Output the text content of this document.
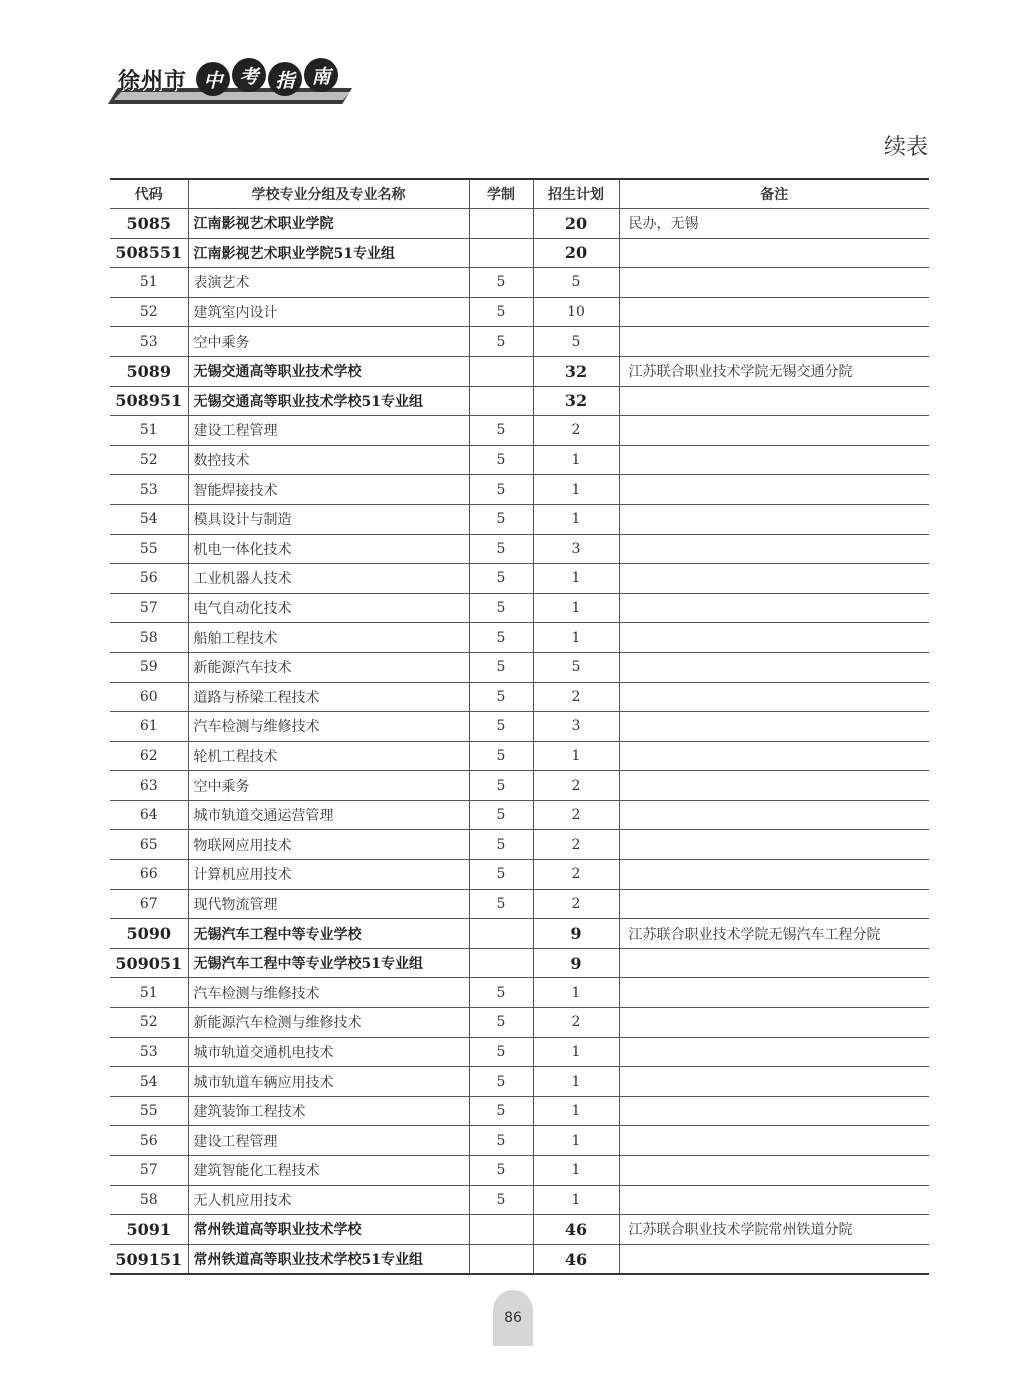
徐州市 中 考 指 南
续表
代码	学校专业分组及专业名称	学制	招生计划	备注
5085	江南影视艺术职业学院		20	民办，无锡
508551	江南影视艺术职业学院51专业组		20	
51	表演艺术	5	5	
52	建筑室内设计	5	10	
53	空中乘务	5	5	
5089	无锡交通高等职业技术学校		32	江苏联合职业技术学院无锡交通分院
508951	无锡交通高等职业技术学校51专业组		32	
51	建设工程管理	5	2	
52	数控技术	5	1	
53	智能焊接技术	5	1	
54	模具设计与制造	5	1	
55	机电一体化技术	5	3	
56	工业机器人技术	5	1	
57	电气自动化技术	5	1	
58	船舶工程技术	5	1	
59	新能源汽车技术	5	5	
60	道路与桥梁工程技术	5	2	
61	汽车检测与维修技术	5	3	
62	轮机工程技术	5	1	
63	空中乘务	5	2	
64	城市轨道交通运营管理	5	2	
65	物联网应用技术	5	2	
66	计算机应用技术	5	2	
67	现代物流管理	5	2	
5090	无锡汽车工程中等专业学校		9	江苏联合职业技术学院无锡汽车工程分院
509051	无锡汽车工程中等专业学校51专业组		9	
51	汽车检测与维修技术	5	1	
52	新能源汽车检测与维修技术	5	2	
53	城市轨道交通机电技术	5	1	
54	城市轨道车辆应用技术	5	1	
55	建筑装饰工程技术	5	1	
56	建设工程管理	5	1	
57	建筑智能化工程技术	5	1	
58	无人机应用技术	5	1	
5091	常州铁道高等职业技术学校		46	江苏联合职业技术学院常州铁道分院
509151	常州铁道高等职业技术学校51专业组		46	
86
